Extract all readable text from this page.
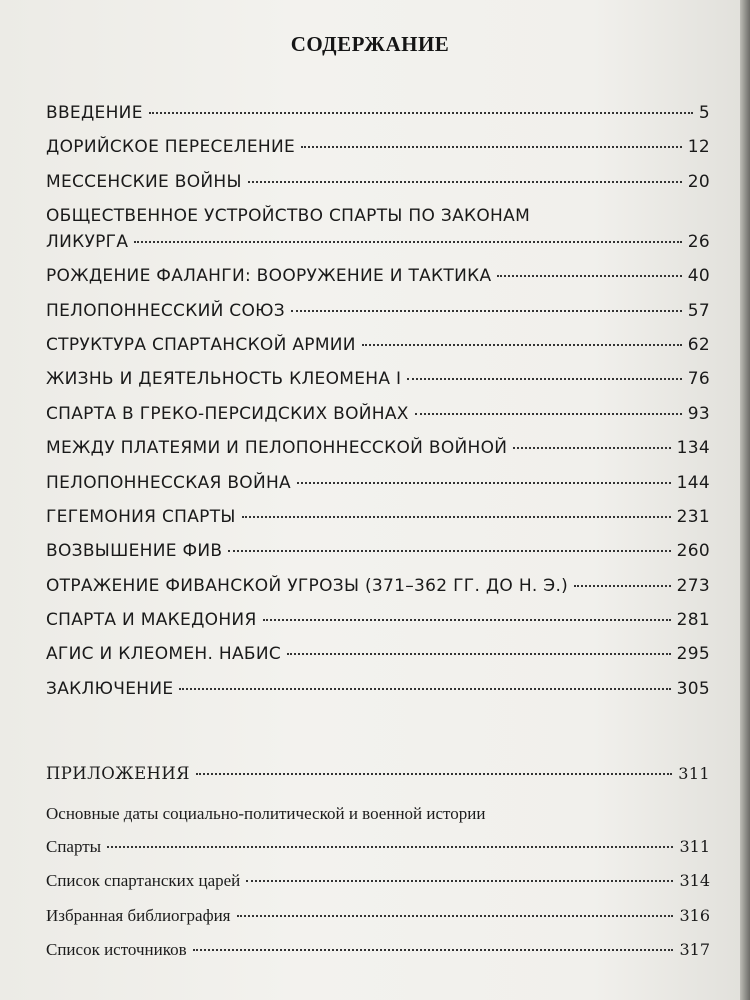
СОДЕРЖАНИЕ
ВВЕДЕНИЕ	5
ДОРИЙСКОЕ ПЕРЕСЕЛЕНИЕ	12
МЕССЕНСКИЕ ВОЙНЫ	20
ОБЩЕСТВЕННОЕ УСТРОЙСТВО СПАРТЫ ПО ЗАКОНАМ
ЛИКУРГА	26
РОЖДЕНИЕ ФАЛАНГИ: ВООРУЖЕНИЕ И ТАКТИКА	40
ПЕЛОПОННЕССКИЙ СОЮЗ	57
СТРУКТУРА СПАРТАНСКОЙ АРМИИ	62
ЖИЗНЬ И ДЕЯТЕЛЬНОСТЬ КЛЕОМЕНА I	76
СПАРТА В ГРЕКО-ПЕРСИДСКИХ ВОЙНАХ	93
МЕЖДУ ПЛАТЕЯМИ И ПЕЛОПОННЕССКОЙ ВОЙНОЙ	134
ПЕЛОПОННЕССКАЯ ВОЙНА	144
ГЕГЕМОНИЯ СПАРТЫ	231
ВОЗВЫШЕНИЕ ФИВ	260
ОТРАЖЕНИЕ ФИВАНСКОЙ УГРОЗЫ (371–362 ГГ. ДО Н. Э.)	273
СПАРТА И МАКЕДОНИЯ	281
АГИС И КЛЕОМЕН. НАБИС	295
ЗАКЛЮЧЕНИЕ	305
ПРИЛОЖЕНИЯ	311
Основные даты социально-политической и военной истории
Спарты	311
Список спартанских царей	314
Избранная библиография	316
Список источников	317
